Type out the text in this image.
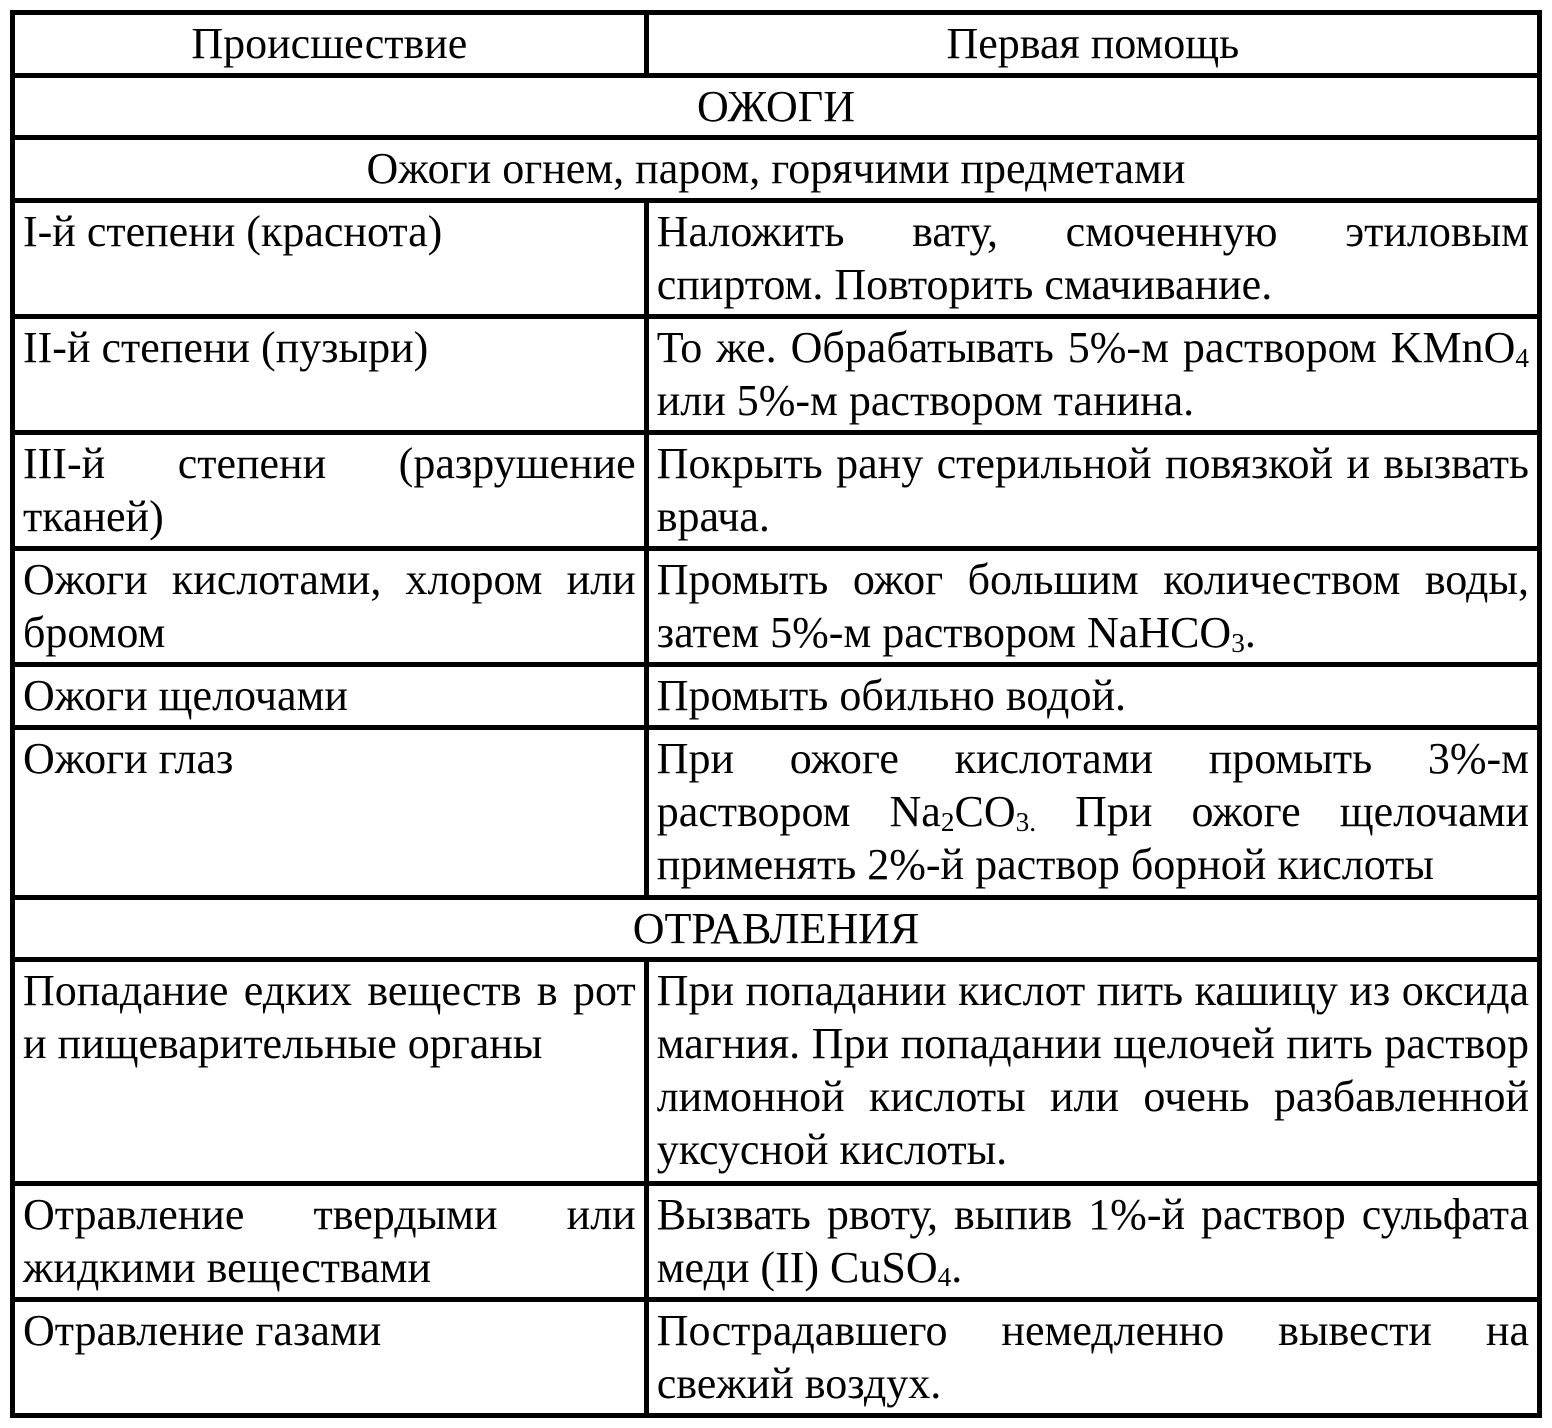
Происшествие	Первая помощь
ОЖОГИ	
Ожоги огнем, паром, горячими предметами	
I-й степени (краснота)	Наложить вату, смоченную этиловым спиртом. Повторить смачивание.
II-й степени (пузыри)	То же. Обрабатывать 5%-м раствором KMnO$_4$ или 5%-м раствором танина.
III-й степени (разрушение тканей)	Покрыть рану стерильной повязкой и вызвать врача.
Ожоги кислотами, хлором или бромом	Промыть ожог большим количеством воды, затем 5%-м раствором NaHCO$_3$.
Ожоги щелочами	Промыть обильно водой.
Ожоги глаз	При ожоге кислотами промыть 3%-м раствором $Na_2CO_{3.}$ При ожоге щелочами применять 2%-й раствор борной кислоты
ОТРАВЛЕНИЯ	
Попадание едких веществ в рот и пищеварительные органы	При попадании кислот пить кашицу из оксида магния. При попадании щелочей пить раствор лимонной кислоты или очень разбавленной уксусной кислоты.
Отравление твердыми или жидкими веществами	Вызвать рвоту, выпив 1%-й раствор сульфата меди (II) CuSO$_4$.
Отравление газами	Пострадавшего немедленно вывести на свежий воздух.
